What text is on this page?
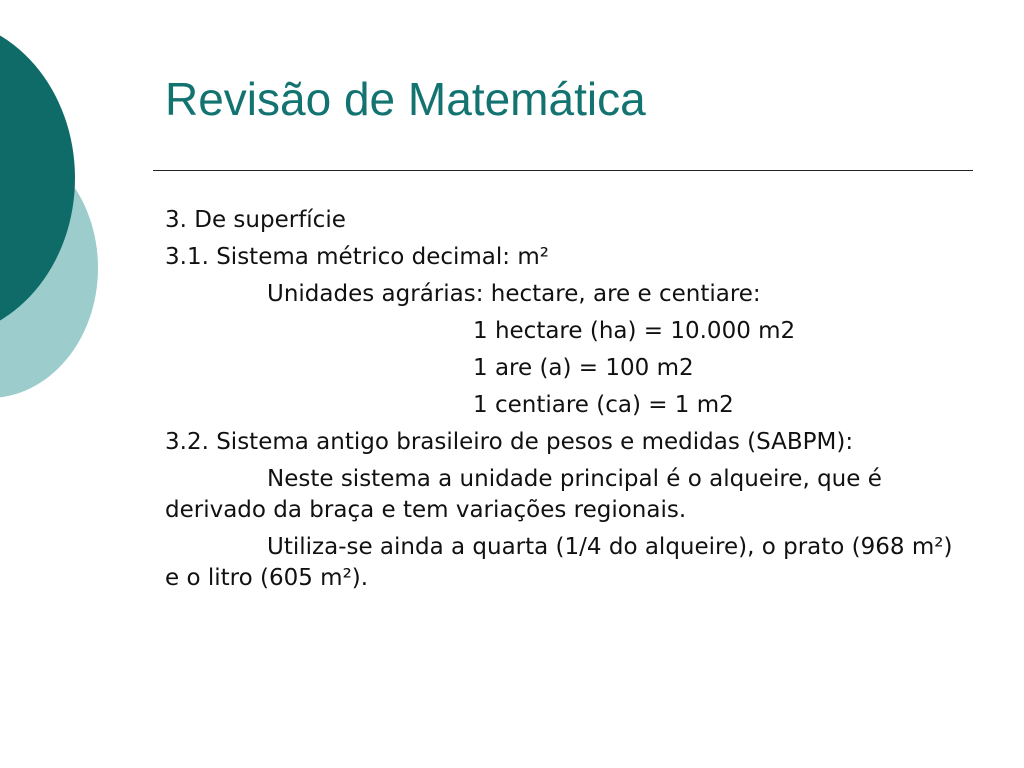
Revisão de Matemática

3. De superfície

3.1. Sistema métrico decimal: m²

Unidades agrárias: hectare, are e centiare:

1 hectare (ha) = 10.000 m2

1 are (a) = 100 m2

1 centiare (ca) = 1 m2

3.2. Sistema antigo brasileiro de pesos e medidas (SABPM):

Neste sistema a unidade principal é o alqueire, que é derivado da braça e tem variações regionais.

Utiliza-se ainda a quarta (1/4 do alqueire), o prato (968 m²) e o litro (605 m²).
